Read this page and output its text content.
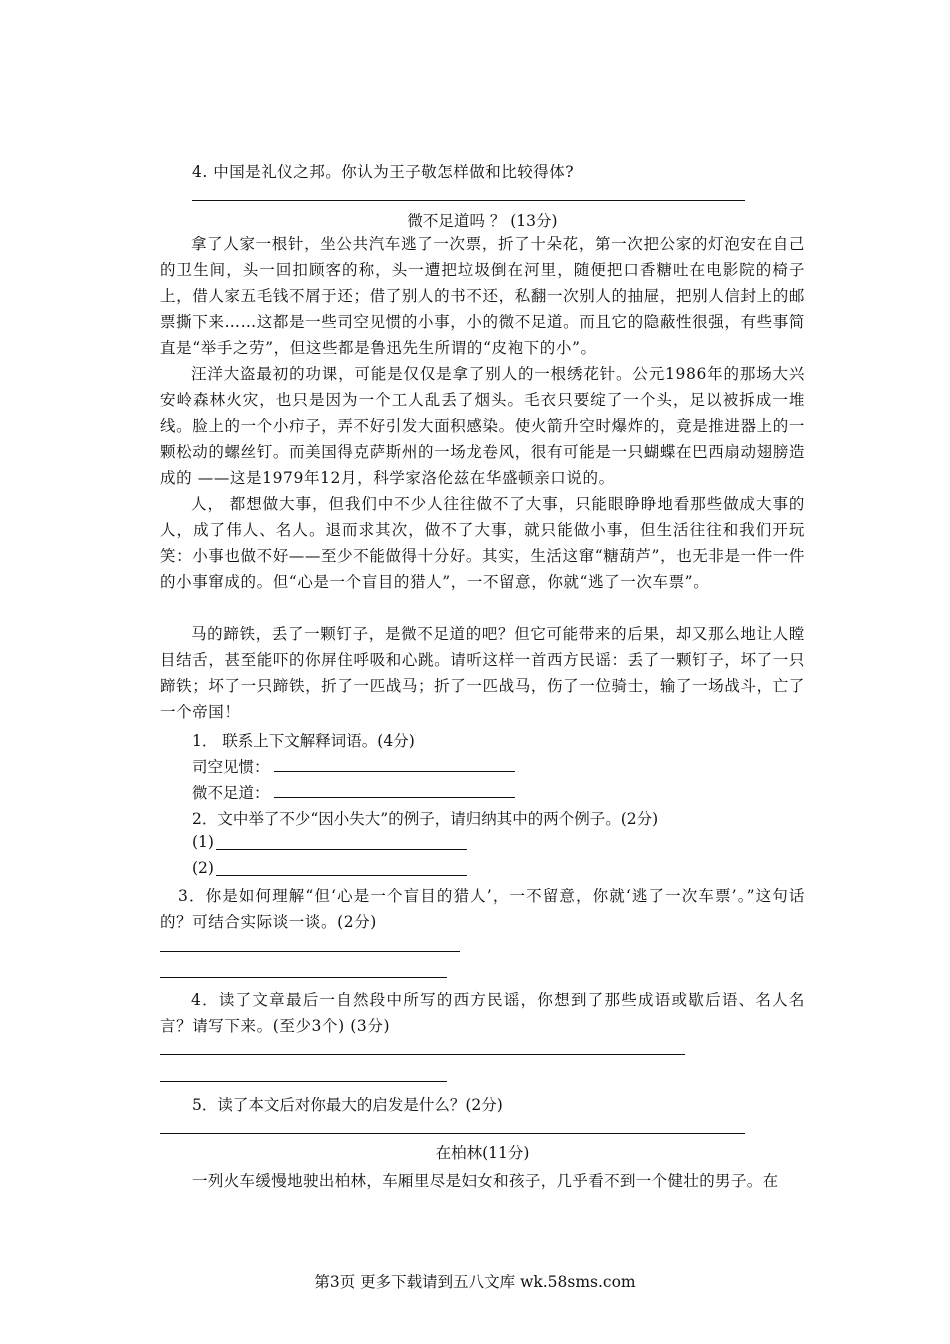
4. 中国是礼仪之邦。你认为王子敬怎样做和比较得体?
微不足道吗 ？ (13分)

拿了人家一根针，坐公共汽车逃了一次票，折了十朵花，第一次把公家的灯泡安在自己的卫生间，头一回扣顾客的称，头一遭把垃圾倒在河里，随便把口香糖吐在电影院的椅子上，借人家五毛钱不屑于还；借了别人的书不还，私翻一次别人的抽屉，把别人信封上的邮票撕下来……这都是一些司空见惯的小事，小的微不足道。而且它的隐蔽性很强，有些事简直是“举手之劳”，但这些都是鲁迅先生所谓的“皮袍下的小”。

汪洋大盗最初的功课，可能是仅仅是拿了别人的一根绣花针。公元1986年的那场大兴安岭森林火灾，也只是因为一个工人乱丢了烟头。毛衣只要绽了一个头，足以被拆成一堆线。脸上的一个小疖子，弄不好引发大面积感染。使火箭升空时爆炸的，竟是推进器上的一颗松动的螺丝钉。而美国得克萨斯州的一场龙卷风，很有可能是一只蝴蝶在巴西扇动翅膀造成的 ——这是1979年12月，科学家洛伦兹在华盛顿亲口说的。

人， 都想做大事，但我们中不少人往往做不了大事，只能眼睁睁地看那些做成大事的人，成了伟人、名人。退而求其次，做不了大事，就只能做小事，但生活往往和我们开玩笑：小事也做不好——至少不能做得十分好。其实，生活这窜“糖葫芦”，也无非是一件一件的小事窜成的。但“心是一个盲目的猎人”，一不留意，你就“逃了一次车票”。

马的蹄铁，丢了一颗钉子，是微不足道的吧？但它可能带来的后果，却又那么地让人瞠目结舌，甚至能吓的你屏住呼吸和心跳。请听这样一首西方民谣：丢了一颗钉子，坏了一只蹄铁；坏了一只蹄铁，折了一匹战马；折了一匹战马，伤了一位骑士，输了一场战斗，亡了一个帝国！

1． 联系上下文解释词语。(4分)
司空见惯：
微不足道：
2．文中举了不少“因小失大”的例子，请归纳其中的两个例子。(2分)
(1)
(2)

3．你是如何理解“但‘心是一个盲目的猎人’，一不留意，你就‘逃了一次车票’。”这句话的？可结合实际谈一谈。(2分)

4．读了文章最后一自然段中所写的西方民谣，你想到了那些成语或歇后语、名人名言？请写下来。(至少3个) (3分)

5．读了本文后对你最大的启发是什么？(2分)
在柏林(11分)
一列火车缓慢地驶出柏林，车厢里尽是妇女和孩子，几乎看不到一个健壮的男子。在
第3页 更多下载请到五八文库 wk.58sms.com
